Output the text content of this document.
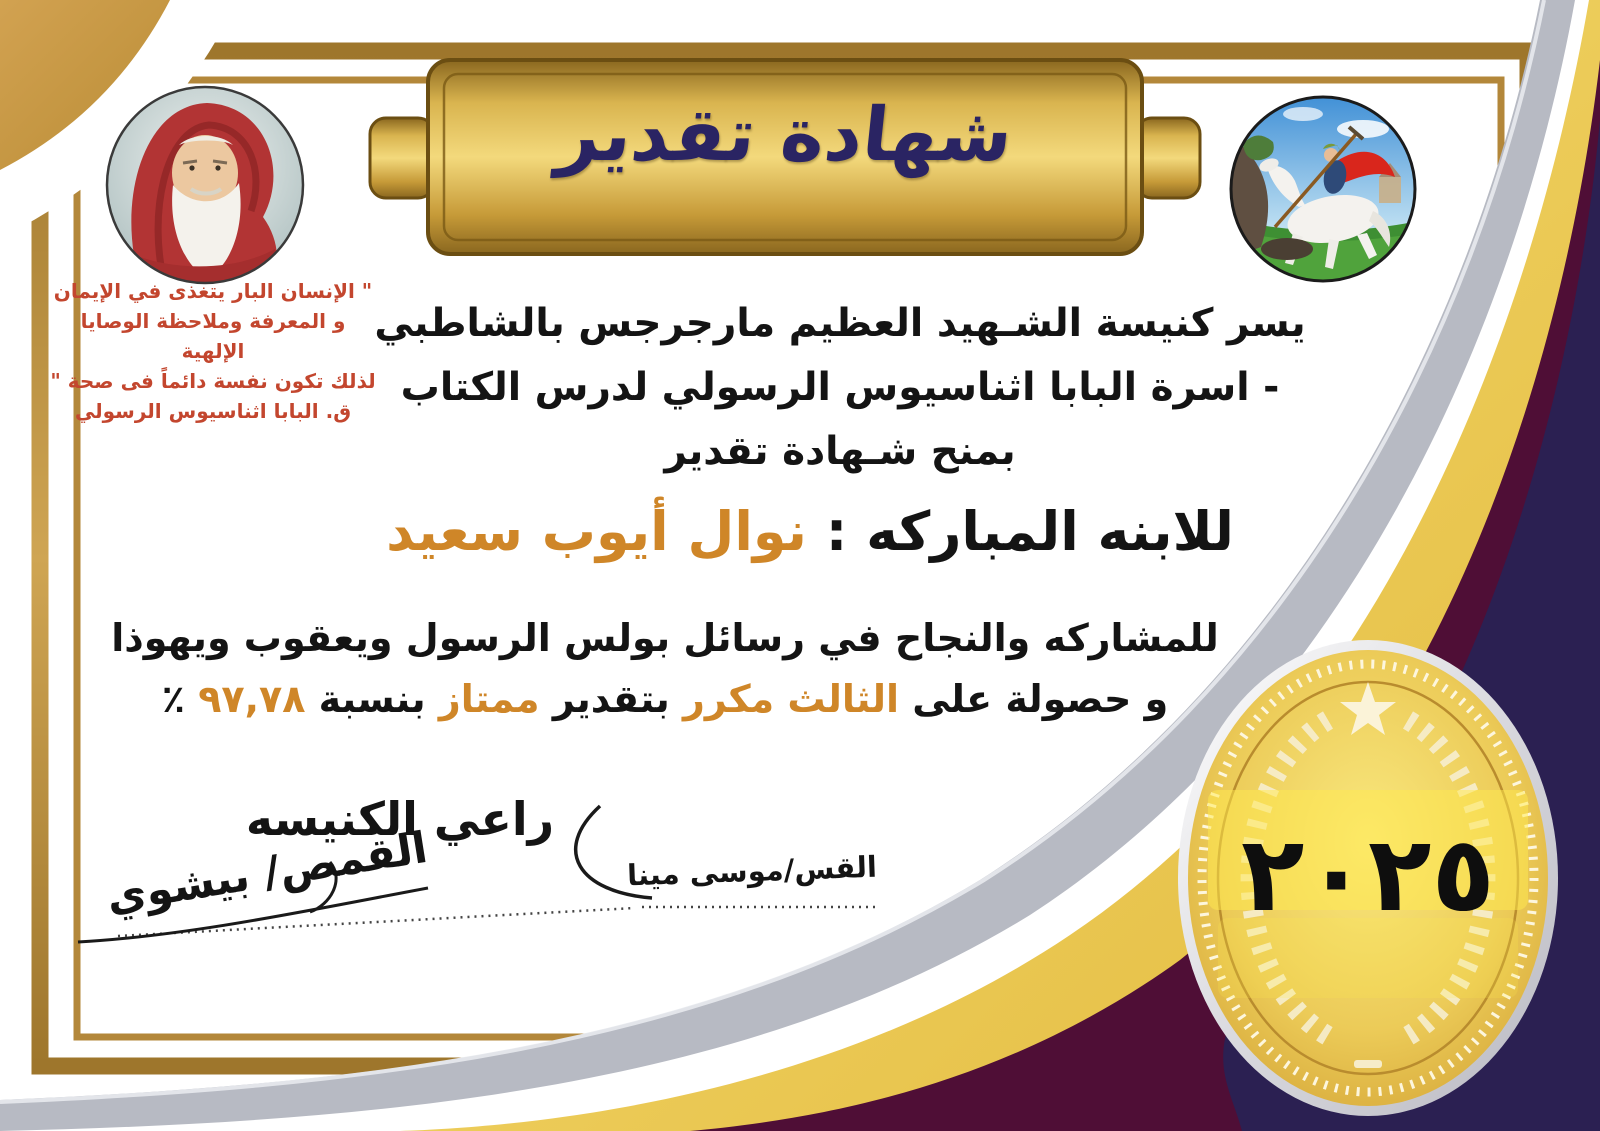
٢٠٢٥
شهادة تقدير
" الإنسان البار يتغذى في الإيمان
و المعرفة وملاحظة الوصايا الإلهية
لذلك تكون نفسة دائماً فى صحة "
ق. البابا اثناسيوس الرسولي
يسر كنيسة الشـهيد العظيم مارجرجس بالشاطبي
- اسرة البابا اثناسيوس الرسولي لدرس الكتاب
بمنح شـهادة تقدير
للابنه المباركه : نوال أيوب سعيد
للمشاركه والنجاح في رسائل بولس الرسول ويعقوب ويهوذا
و حصولة على الثالث مكرر بتقدير ممتاز بنسبة ٩٧,٧٨ ٪
راعي الكنيسه
القس/موسى مينا
القمص/ بيشوي
